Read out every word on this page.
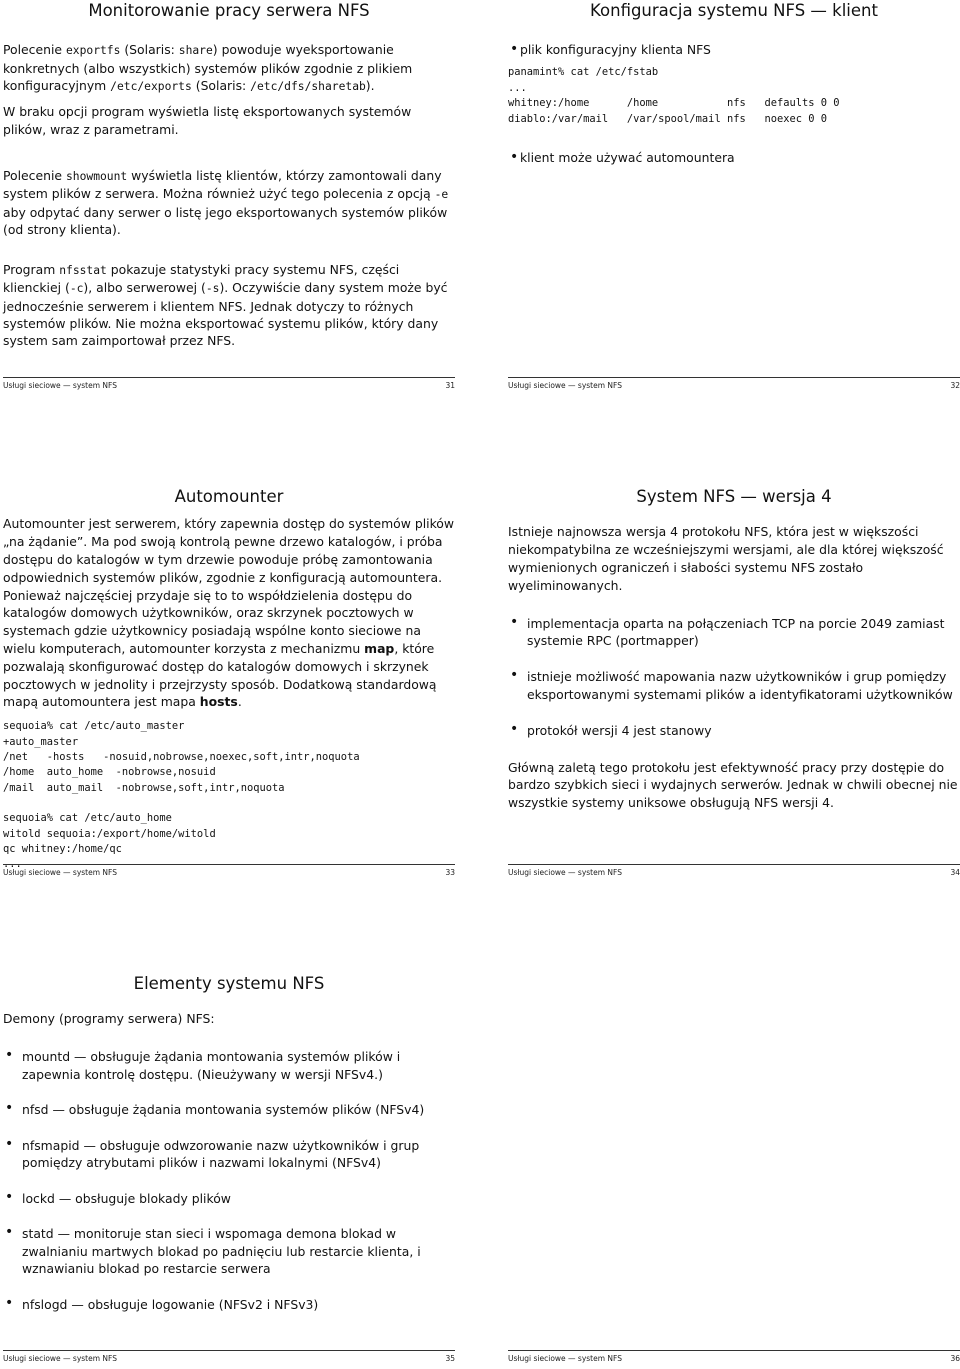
Monitorowanie pracy serwera NFS

Polecenie exportfs (Solaris: share) powoduje wyeksportowanie konkretnych (albo wszystkich) systemów plików zgodnie z plikiem konfiguracyjnym /etc/exports (Solaris: /etc/dfs/sharetab).

W braku opcji program wyświetla listę eksportowanych systemów plików, wraz z parametrami.

Polecenie showmount wyświetla listę klientów, którzy zamontowali dany system plików z serwera. Można również użyć tego polecenia z opcją -e aby odpytać dany serwer o listę jego eksportowanych systemów plików (od strony klienta).

Program nfsstat pokazuje statystyki pracy systemu NFS, części klienckiej (-c), albo serwerowej (-s). Oczywiście dany system może być jednocześnie serwerem i klientem NFS. Jednak dotyczy to różnych systemów plików. Nie można eksportować systemu plików, który dany system sam zaimportował przez NFS.

Usługi sieciowe — system NFS	31
Konfiguracja systemu NFS — klient
• plik konfiguracyjny klienta NFS
panamint% cat /etc/fstab
...
whitney:/home      /home           nfs   defaults 0 0
diablo:/var/mail   /var/spool/mail nfs   noexec 0 0
• klient może używać automountera
Usługi sieciowe — system NFS	32
Automounter

Automounter jest serwerem, który zapewnia dostęp do systemów plików „na żądanie”. Ma pod swoją kontrolą pewne drzewo katalogów, i próba dostępu do katalogów w tym drzewie powoduje próbę zamontowania odpowiednich systemów plików, zgodnie z konfiguracją automountera. Ponieważ najczęściej przydaje się to to współdzielenia dostępu do katalogów domowych użytkowników, oraz skrzynek pocztowych w systemach gdzie użytkownicy posiadają wspólne konto sieciowe na wielu komputerach, automounter korzysta z mechanizmu map, które pozwalają skonfigurować dostęp do katalogów domowych i skrzynek pocztowych w jednolity i przejrzysty sposób. Dodatkową standardową mapą automountera jest mapa hosts.

sequoia% cat /etc/auto_master
+auto_master
/net   -hosts   -nosuid,nobrowse,noexec,soft,intr,noquota
/home  auto_home  -nobrowse,nosuid
/mail  auto_mail  -nobrowse,soft,intr,noquota
sequoia% cat /etc/auto_home
witold sequoia:/export/home/witold
qc whitney:/home/qc
...
Usługi sieciowe — system NFS	33
System NFS — wersja 4

Istnieje najnowsza wersja 4 protokołu NFS, która jest w większości niekompatybilna ze wcześniejszymi wersjami, ale dla której większość wymienionych ograniczeń i słabości systemu NFS zostało wyeliminowanych.

• implementacja oparta na połączeniach TCP na porcie 2049 zamiast systemie RPC (portmapper)
• istnieje możliwość mapowania nazw użytkowników i grup pomiędzy eksportowanymi systemami plików a identyfikatorami użytkowników
• protokół wersji 4 jest stanowy

Główną zaletą tego protokołu jest efektywność pracy przy dostępie do bardzo szybkich sieci i wydajnych serwerów. Jednak w chwili obecnej nie wszystkie systemy uniksowe obsługują NFS wersji 4.

Usługi sieciowe — system NFS	34
Elementy systemu NFS

Demony (programy serwera) NFS:

• mountd — obsługuje żądania montowania systemów plików i zapewnia kontrolę dostępu. (Nieużywany w wersji NFSv4.)
• nfsd — obsługuje żądania montowania systemów plików (NFSv4)
• nfsmapid — obsługuje odwzorowanie nazw użytkowników i grup pomiędzy atrybutami plików i nazwami lokalnymi (NFSv4)
• lockd — obsługuje blokady plików
• statd — monitoruje stan sieci i wspomaga demona blokad w zwalnianiu martwych blokad po padnięciu lub restarcie klienta, i wznawianiu blokad po restarcie serwera
• nfslogd — obsługuje logowanie (NFSv2 i NFSv3)
Usługi sieciowe — system NFS	35	Usługi sieciowe — system NFS	36
